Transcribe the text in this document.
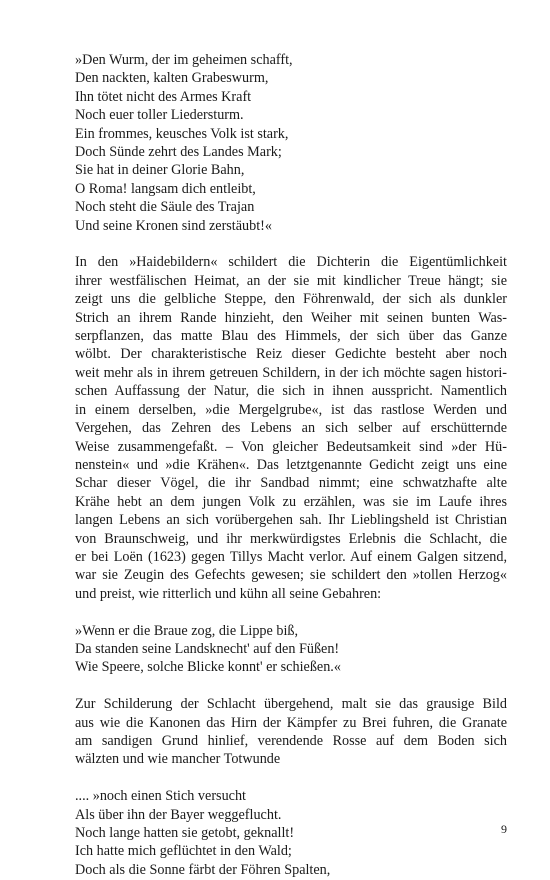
»Den Wurm, der im geheimen schafft,
Den nackten, kalten Grabeswurm,
Ihn tötet nicht des Armes Kraft
Noch euer toller Liedersturm.
Ein frommes, keusches Volk ist stark,
Doch Sünde zehrt des Landes Mark;
Sie hat in deiner Glorie Bahn,
O Roma! langsam dich entleibt,
Noch steht die Säule des Trajan
Und seine Kronen sind zerstäubt!«
In den »Haidebildern« schildert die Dichterin die Eigentümlichkeit
ihrer westfälischen Heimat, an der sie mit kindlicher Treue hängt; sie
zeigt uns die gelbliche Steppe, den Föhrenwald, der sich als dunkler
Strich an ihrem Rande hinzieht, den Weiher mit seinen bunten Was-
serpflanzen, das matte Blau des Himmels, der sich über das Ganze
wölbt. Der charakteristische Reiz dieser Gedichte besteht aber noch
weit mehr als in ihrem getreuen Schildern, in der ich möchte sagen histori-
schen Auffassung der Natur, die sich in ihnen ausspricht. Namentlich
in einem derselben, »die Mergelgrube«, ist das rastlose Werden und
Vergehen, das Zehren des Lebens an sich selber auf erschütternde
Weise zusammengefaßt. – Von gleicher Bedeutsamkeit sind »der Hü-
nenstein« und »die Krähen«. Das letztgenannte Gedicht zeigt uns eine
Schar dieser Vögel, die ihr Sandbad nimmt; eine schwatzhafte alte
Krähe hebt an dem jungen Volk zu erzählen, was sie im Laufe ihres
langen Lebens an sich vorübergehen sah. Ihr Lieblingsheld ist Christian
von Braunschweig, und ihr merkwürdigstes Erlebnis die Schlacht, die
er bei Loën (1623) gegen Tillys Macht verlor. Auf einem Galgen sitzend,
war sie Zeugin des Gefechts gewesen; sie schildert den »tollen Herzog«
und preist, wie ritterlich und kühn all seine Gebahren:
»Wenn er die Braue zog, die Lippe biß,
Da standen seine Landsknecht' auf den Füßen!
Wie Speere, solche Blicke konnt' er schießen.«
Zur Schilderung der Schlacht übergehend, malt sie das grausige Bild
aus wie die Kanonen das Hirn der Kämpfer zu Brei fuhren, die Granate
am sandigen Grund hinlief, verendende Rosse auf dem Boden sich
wälzten und wie mancher Totwunde
.... »noch einen Stich versucht
Als über ihn der Bayer weggeflucht.
Noch lange hatten sie getobt, geknallt!
Ich hatte mich geflüchtet in den Wald;
Doch als die Sonne färbt der Föhren Spalten,
9
